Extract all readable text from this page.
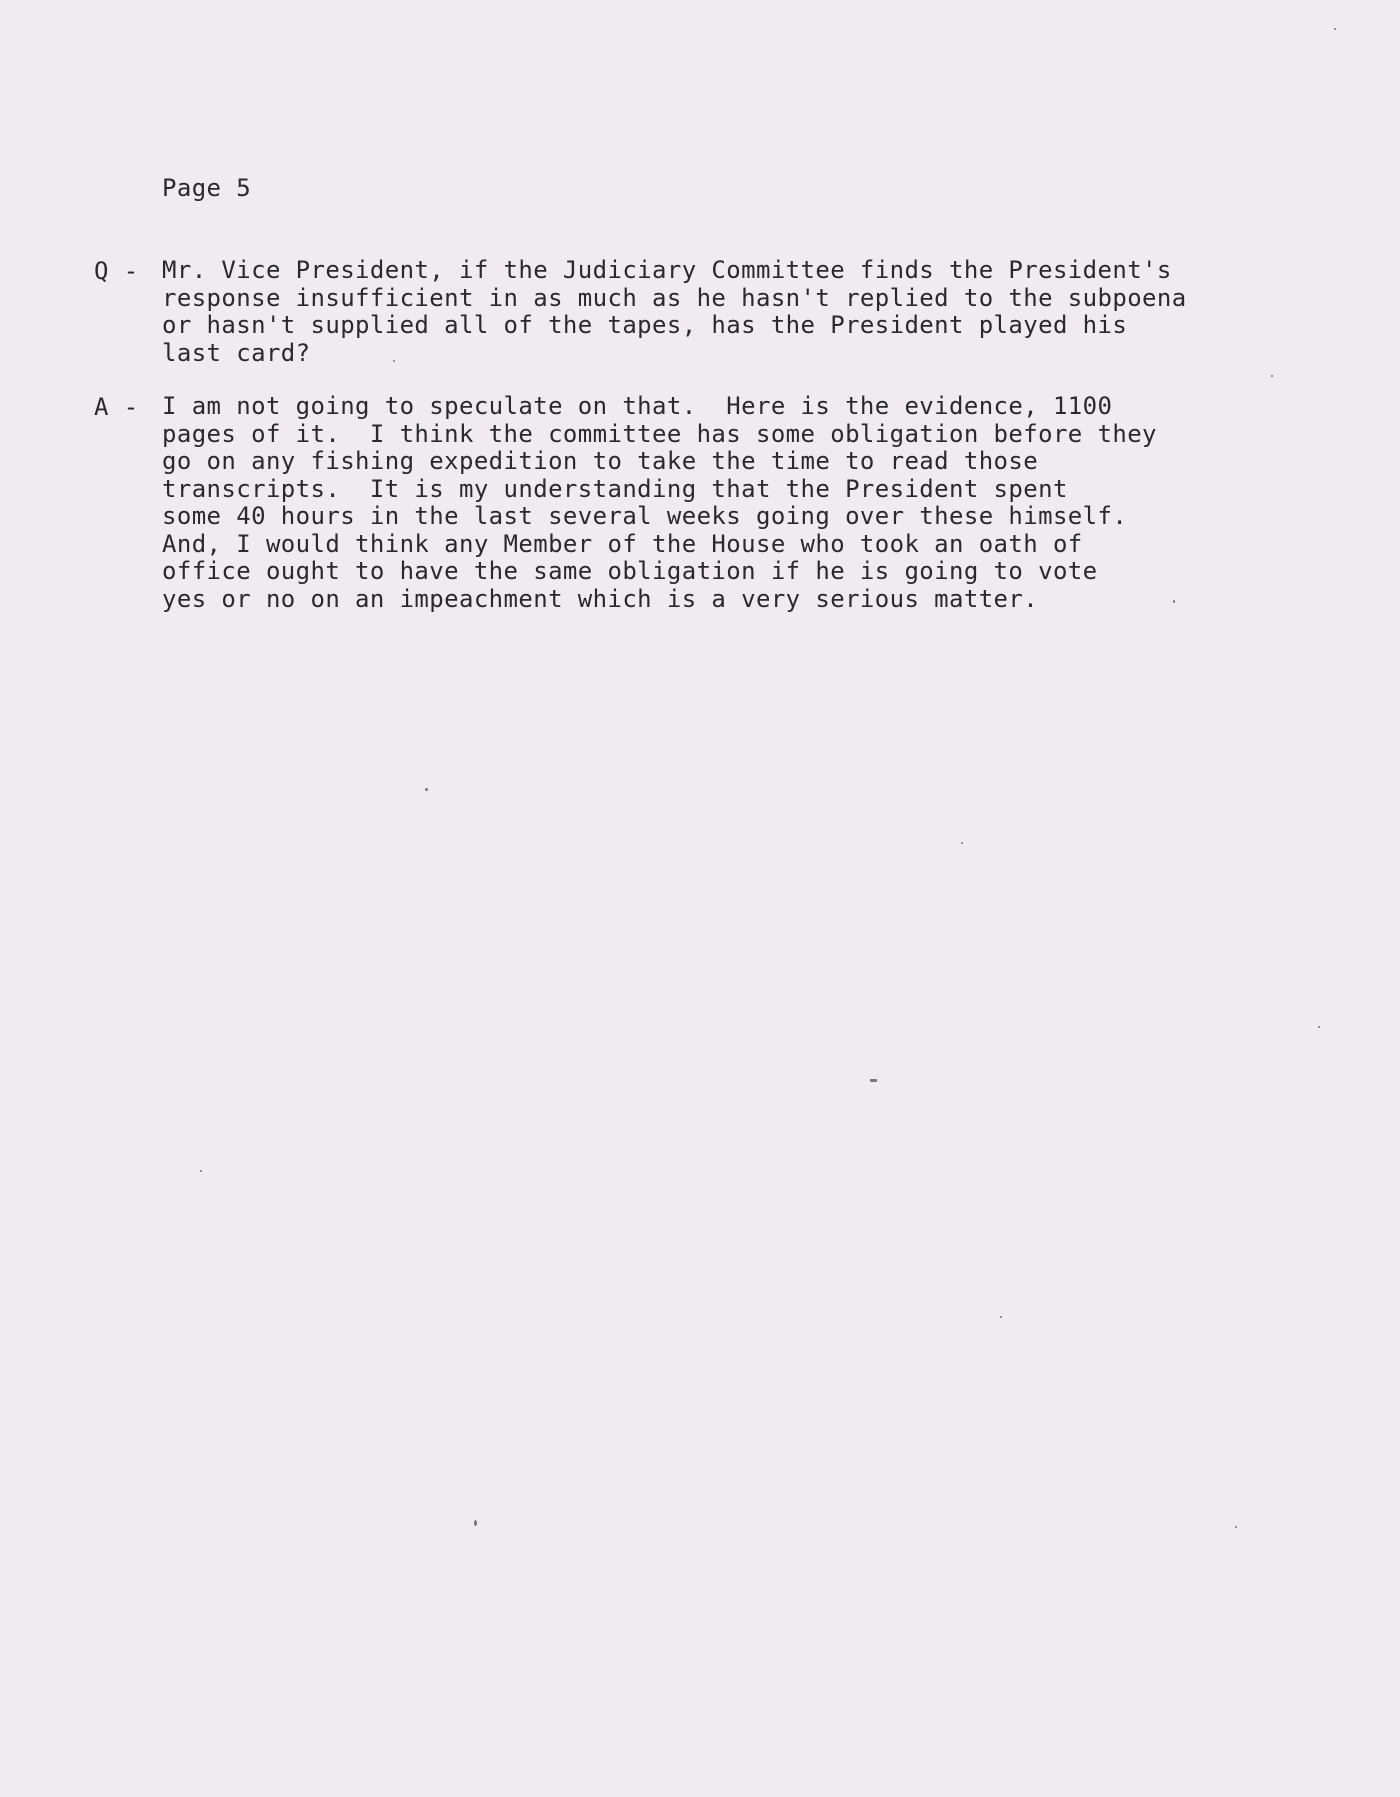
Page 5
Q - Mr. Vice President, if the Judiciary Committee finds the President's
response insufficient in as much as he hasn't replied to the subpoena
or hasn't supplied all of the tapes, has the President played his
last card?
A - I am not going to speculate on that.  Here is the evidence, 1100
pages of it.  I think the committee has some obligation before they
go on any fishing expedition to take the time to read those
transcripts.  It is my understanding that the President spent
some 40 hours in the last several weeks going over these himself.
And, I would think any Member of the House who took an oath of
office ought to have the same obligation if he is going to vote
yes or no on an impeachment which is a very serious matter.
